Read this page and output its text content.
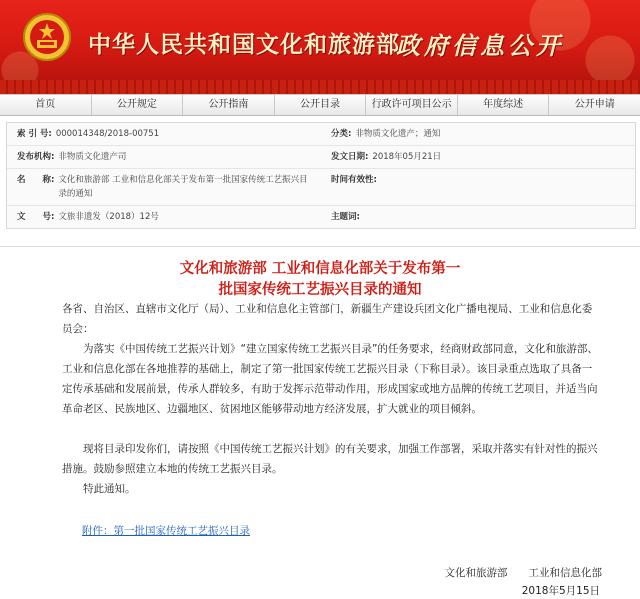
中华人民共和国文化和旅游部
政府信息公开
首页	公开规定	公开指南	公开目录	行政许可项目公示	年度综述	公开申请
索 引 号: 000014348/2018-00751	分类: 非物质文化遗产；通知
发布机构: 非物质文化遗产司	发文日期: 2018年05月21日
名　　称: 文化和旅游部 工业和信息化部关于发布第一批国家传统工艺振兴目录的通知
时间有效性:
文　　号: 文旅非遗发（2018）12号	主题词:
文化和旅游部 工业和信息化部关于发布第一
批国家传统工艺振兴目录的通知

各省、自治区、直辖市文化厅（局）、工业和信息化主管部门，新疆生产建设兵团文化广播电视局、工业和信息化委员会：

为落实《中国传统工艺振兴计划》“建立国家传统工艺振兴目录”的任务要求，经商财政部同意，文化和旅游部、工业和信息化部在各地推荐的基础上，制定了第一批国家传统工艺振兴目录（下称目录）。该目录重点选取了具备一定传承基础和发展前景，传承人群较多，有助于发挥示范带动作用，形成国家或地方品牌的传统工艺项目，并适当向革命老区、民族地区、边疆地区、贫困地区能够带动地方经济发展，扩大就业的项目倾斜。

现将目录印发你们，请按照《中国传统工艺振兴计划》的有关要求，加强工作部署，采取并落实有针对性的振兴措施。鼓励参照建立本地的传统工艺振兴目录。

特此通知。

附件：第一批国家传统工艺振兴目录
文化和旅游部　　工业和信息化部
2018年5月15日
